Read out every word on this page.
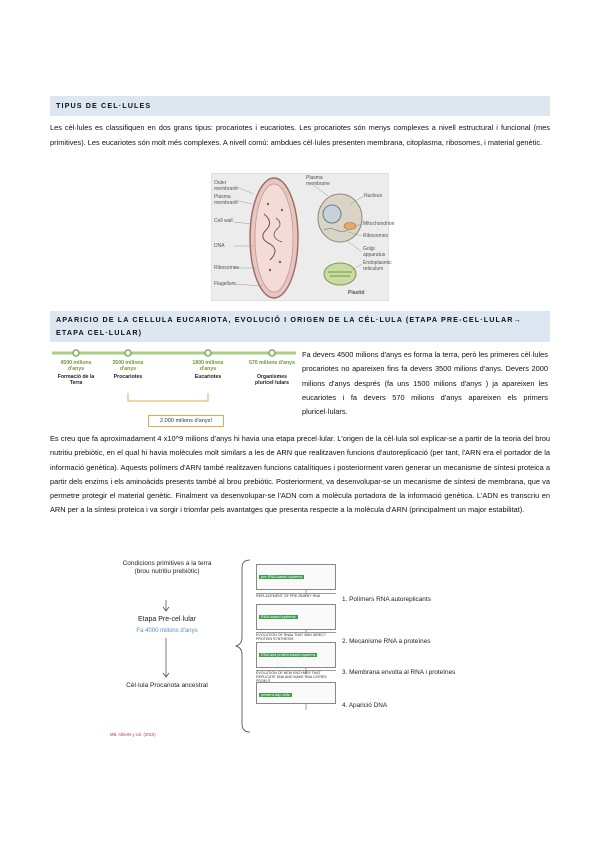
TIPUS DE CEL·LULES
Les cèl·lules es classifiquen en dos grans tipus: procariotes i eucariotes. Les procariotes són menys complexes a nivell estructural i funcional (mes primitives). Les eucariotes són molt més complexes. A nivell comú: ambdues cèl·lules presenten membrana, citoplasma, ribosomes, i material genètic.
Outer membrane
Plasma membrane
Cell wall
DNA
Ribosomes
Flagellum
Plasma membrane
Nucleus
Mitochondrion
Ribosomes
Golgi apparatus
Endoplasmic reticulum
Plastid
APARICIO DE LA CELLULA EUCARIOTA, EVOLUCIÓ I ORIGEN DE LA CÉL·LULA (ETAPA PRE-CEL·LULAR→ ETAPA CEL·LULAR)
4500 milions d'anys
Formació de la Terra
3500 milions d'anys
Procariotes
1800 milions d'anys
Eucariotes
570 milions d'anys
Organismes pluricel·lulars
2.000 milions d'anys!
Fa devers 4500 milions d'anys es forma la terra, però les primeres cèl·lules procariotes no apareixen fins fa devers 3500 milions d'anys. Devers 2000 milions d'anys després (fa uns 1500 milions d'anys ) ja apareixen les eucariotes i fa devers 570 milions d'anys apareixen els primers pluricel·lulars.
Es creu que fa aproximadament 4 x10^9 milions d'anys hi havia una etapa precel·lular. L'origen de la cèl·lula sol explicar-se a partir de la teoria del brou nutritiu prebiòtic, en el qual hi havia molècules molt similars a les de ARN que realitzaven funcions d'autoreplicació (per tant, l'ARN era el portador de la informació genètica). Aquests polímers d'ARN també realitzaven funcions catalítiques i posteriorment varen generar un mecanisme de síntesi proteica a partir dels enzims i els aminoàcids presents també al brou prebiòtic. Posteriorment, va desenvolupar-se un mecanisme de síntesi de membrana, que va permetre protegir el material genètic. Finalment va desenvolupar-se l'ADN com a molècula portadora de la informació genètica. L'ADN es transcriu en ARN per a la síntesi proteica i va sorgir i triomfar pels avantatges que presenta respecte a la molècula d'ARN (principalment un major estabilitat).
Condicions primitives a la terra (brou nutritiu prebiòtic)
Etapa Pre-cel·lular
Fa 4000 milions d'anys
Cèl·lula Procariota ancestral
MB. Alberts y col. (2010)
pre-RNA-based systems
REPLACEMENT OF PRE-RNA BY RNA
RNA-based systems
EVOLUTION OF RNAs THAT CAN DIRECT PROTEIN SYNTHESIS
RNA and protein-based systems
EVOLUTION OF NEW ENZYMES THAT REPLICATE DNA AND MAKE RNA COPIES
present-day cells
1. Polímers RNA autoreplicants
2. Mecanisme RNA a proteïnes
3. Membrana envolta al RNA i proteïnes
4. Aparició DNA
